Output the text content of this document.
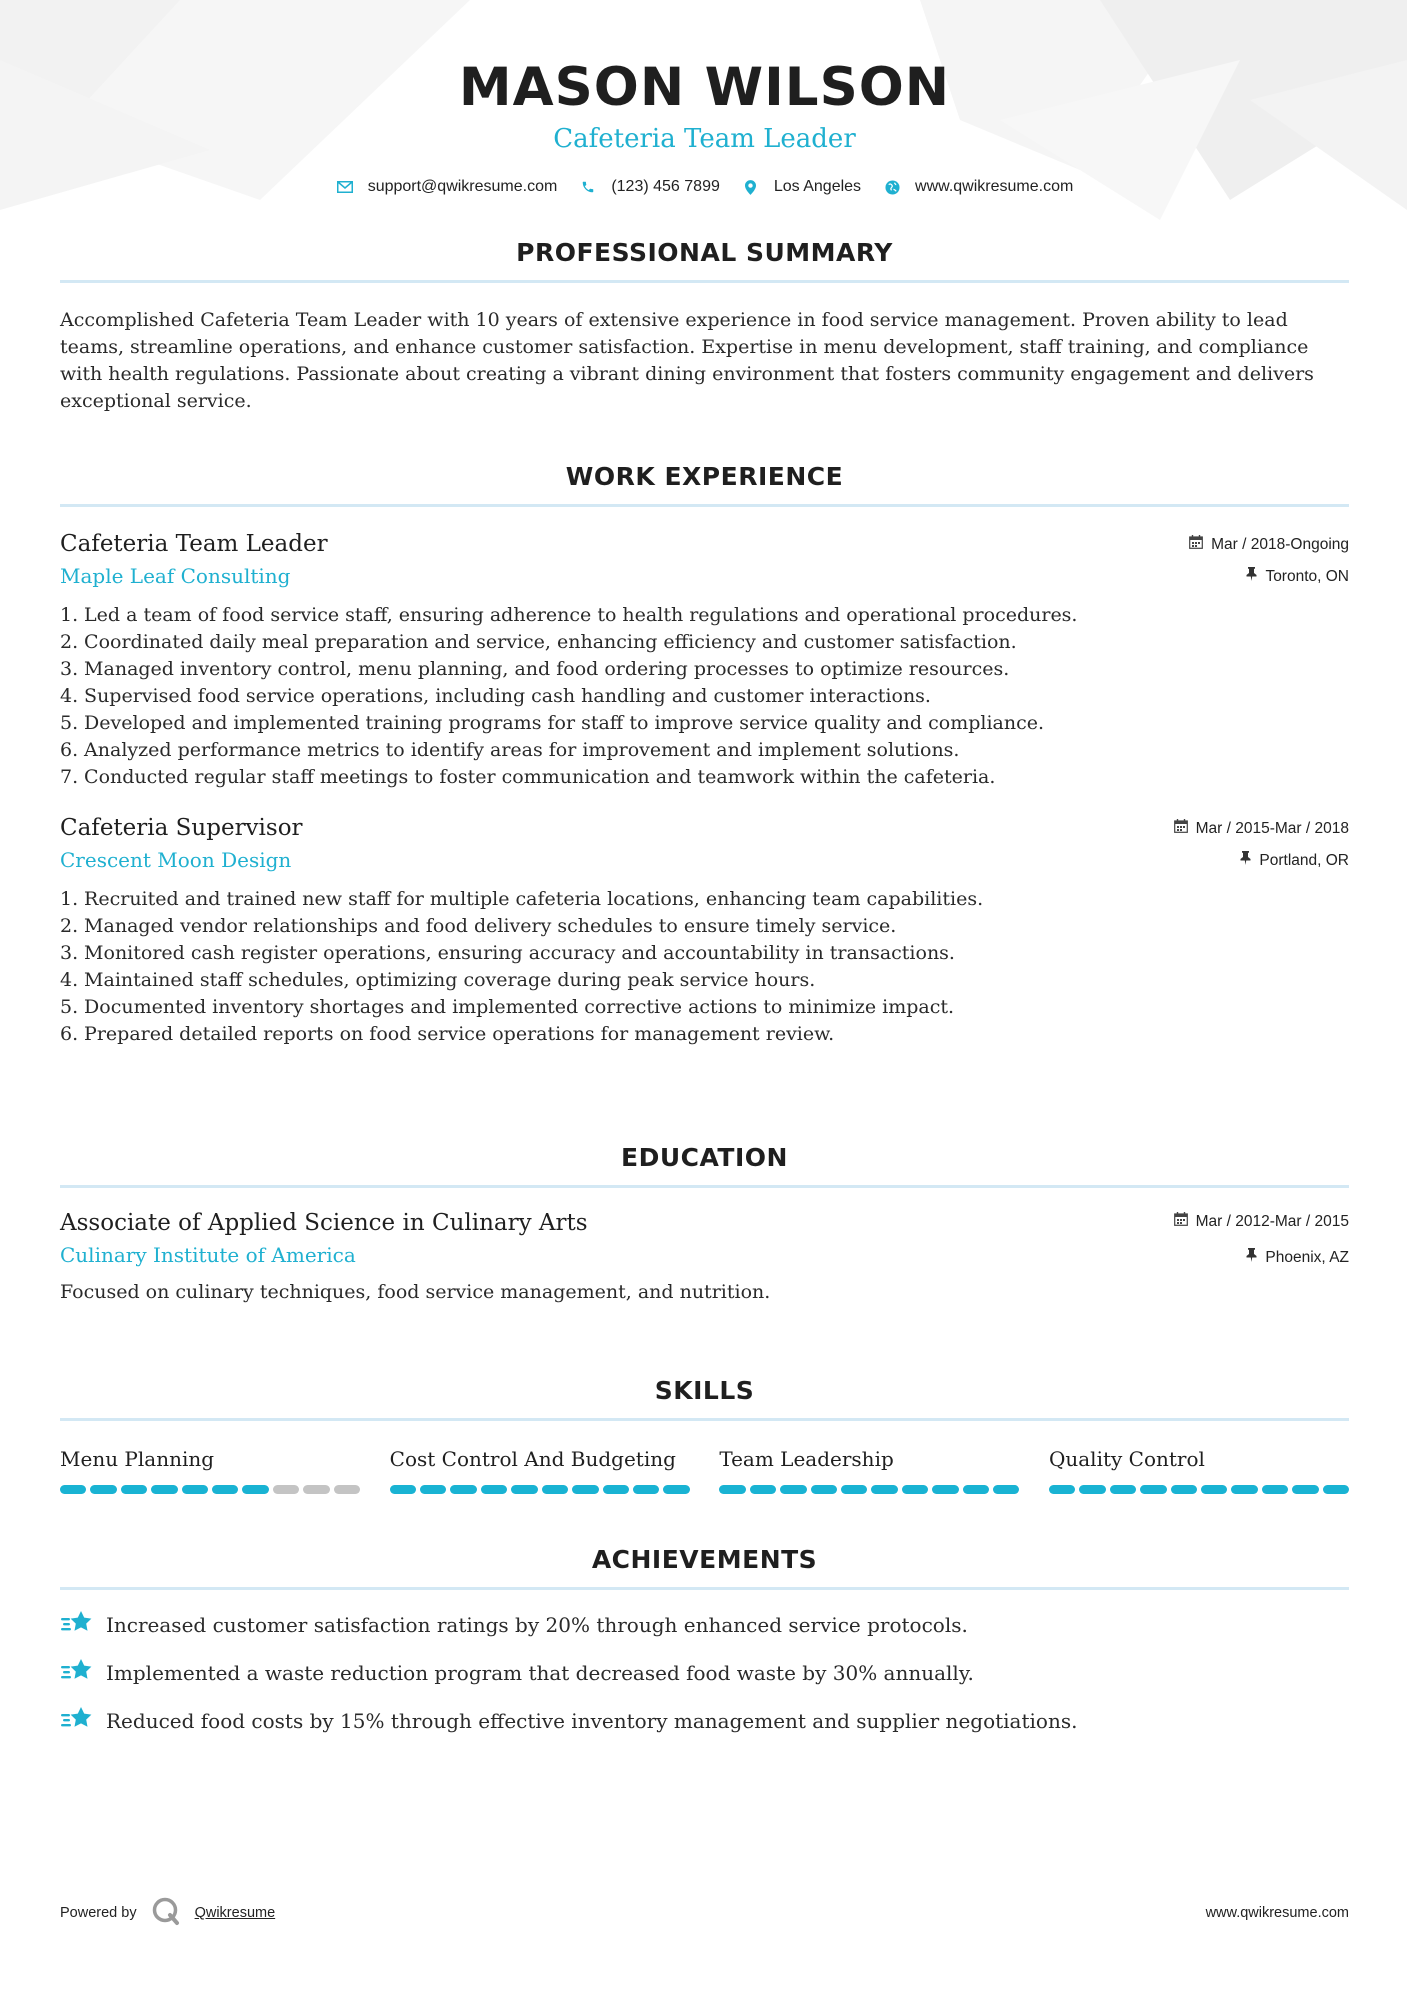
MASON WILSON
Cafeteria Team Leader
support@qwikresume.com	(123) 456 7899	Los Angeles	www.qwikresume.com
PROFESSIONAL SUMMARY
Accomplished Cafeteria Team Leader with 10 years of extensive experience in food service management. Proven ability to lead teams, streamline operations, and enhance customer satisfaction. Expertise in menu development, staff training, and compliance with health regulations. Passionate about creating a vibrant dining environment that fosters community engagement and delivers exceptional service.
WORK EXPERIENCE
Cafeteria Team Leader
Maple Leaf Consulting
Mar / 2018-Ongoing
Toronto, ON
1.
Led a team of food service staff, ensuring adherence to health regulations and operational procedures.
2.
Coordinated daily meal preparation and service, enhancing efficiency and customer satisfaction.
3.
Managed inventory control, menu planning, and food ordering processes to optimize resources.
4.
Supervised food service operations, including cash handling and customer interactions.
5.
Developed and implemented training programs for staff to improve service quality and compliance.
6.
Analyzed performance metrics to identify areas for improvement and implement solutions.
7.
Conducted regular staff meetings to foster communication and teamwork within the cafeteria.
Cafeteria Supervisor
Crescent Moon Design
Mar / 2015-Mar / 2018
Portland, OR
1.
Recruited and trained new staff for multiple cafeteria locations, enhancing team capabilities.
2.
Managed vendor relationships and food delivery schedules to ensure timely service.
3.
Monitored cash register operations, ensuring accuracy and accountability in transactions.
4.
Maintained staff schedules, optimizing coverage during peak service hours.
5.
Documented inventory shortages and implemented corrective actions to minimize impact.
6.
Prepared detailed reports on food service operations for management review.
EDUCATION
Associate of Applied Science in Culinary Arts
Culinary Institute of America
Mar / 2012-Mar / 2015
Phoenix, AZ
Focused on culinary techniques, food service management, and nutrition.
SKILLS
Menu Planning	Cost Control And Budgeting	Team Leadership	Quality Control
ACHIEVEMENTS
Increased customer satisfaction ratings by 20% through enhanced service protocols.
Implemented a waste reduction program that decreased food waste by 30% annually.
Reduced food costs by 15% through effective inventory management and supplier negotiations.
Powered by	Qwikresume	www.qwikresume.com
